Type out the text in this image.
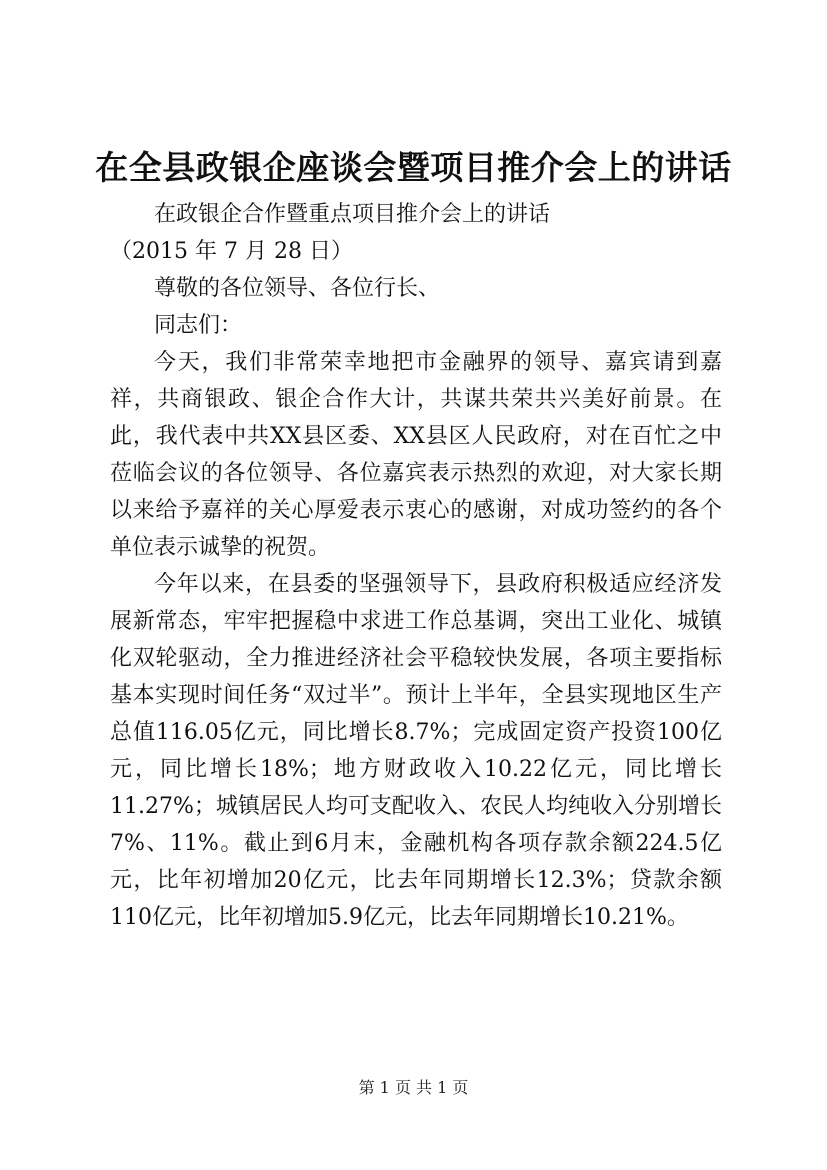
在全县政银企座谈会暨项目推介会上的讲话
在政银企合作暨重点项目推介会上的讲话
（2015 年 7 月 28 日）
尊敬的各位领导、各位行长、
同志们：

今天，我们非常荣幸地把市金融界的领导、嘉宾请到嘉祥，共商银政、银企合作大计，共谋共荣共兴美好前景。在此，我代表中共XX县区委、XX县区人民政府，对在百忙之中莅临会议的各位领导、各位嘉宾表示热烈的欢迎，对大家长期以来给予嘉祥的关心厚爱表示衷心的感谢，对成功签约的各个单位表示诚挚的祝贺。

今年以来，在县委的坚强领导下，县政府积极适应经济发展新常态，牢牢把握稳中求进工作总基调，突出工业化、城镇化双轮驱动，全力推进经济社会平稳较快发展，各项主要指标基本实现时间任务“双过半”。预计上半年，全县实现地区生产总值116.05亿元，同比增长8.7%；完成固定资产投资100亿元，同比增长18%；地方财政收入10.22亿元，同比增长11.27%；城镇居民人均可支配收入、农民人均纯收入分别增长7%、11%。截止到6月末，金融机构各项存款余额224.5亿元，比年初增加20亿元，比去年同期增长12.3%；贷款余额110亿元，比年初增加5.9亿元，比去年同期增长10.21%。

第 1 页 共 1 页
